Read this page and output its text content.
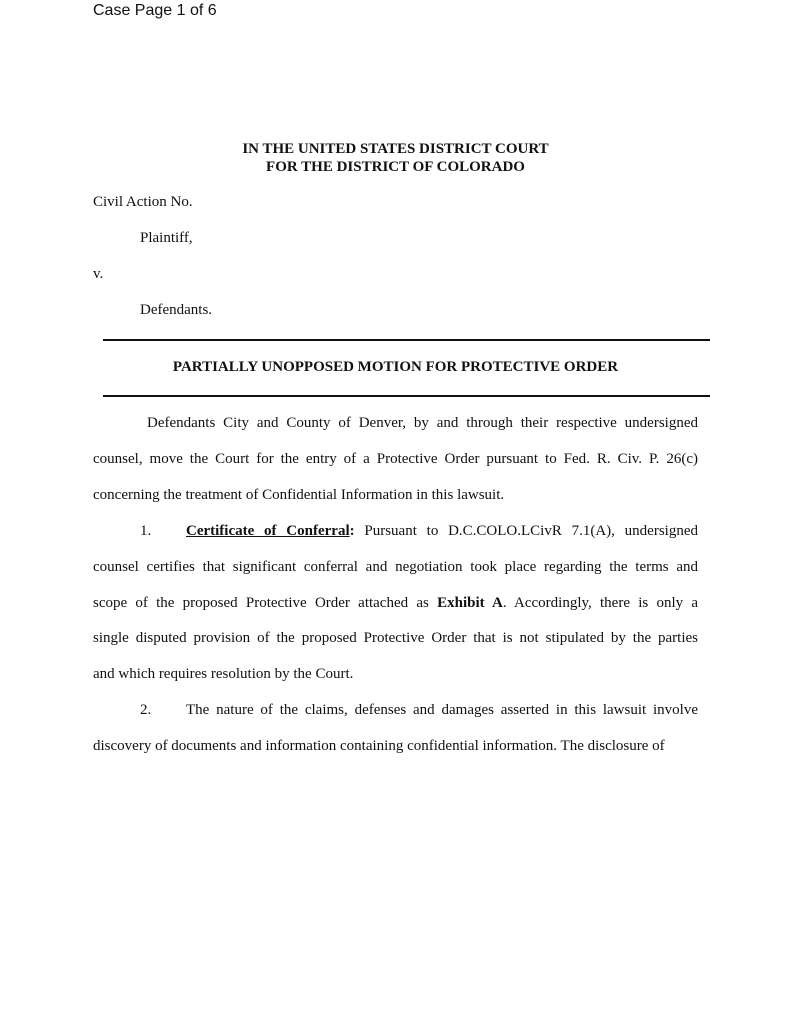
Case Page 1 of 6
IN THE UNITED STATES DISTRICT COURT
FOR THE DISTRICT OF COLORADO
Civil Action No.
Plaintiff,
v.
Defendants.
PARTIALLY UNOPPOSED MOTION FOR PROTECTIVE ORDER
Defendants City and County of Denver, by and through their respective undersigned
counsel, move the Court for the entry of a Protective Order pursuant to Fed. R. Civ. P. 26(c)
concerning the treatment of Confidential Information in this lawsuit.
1. Certificate of Conferral: Pursuant to D.C.COLO.LCivR 7.1(A), undersigned
counsel certifies that significant conferral and negotiation took place regarding the terms and
scope of the proposed Protective Order attached as Exhibit A. Accordingly, there is only a
single disputed provision of the proposed Protective Order that is not stipulated by the parties
and which requires resolution by the Court.
2. The nature of the claims, defenses and damages asserted in this lawsuit involve
discovery of documents and information containing confidential information. The disclosure of
